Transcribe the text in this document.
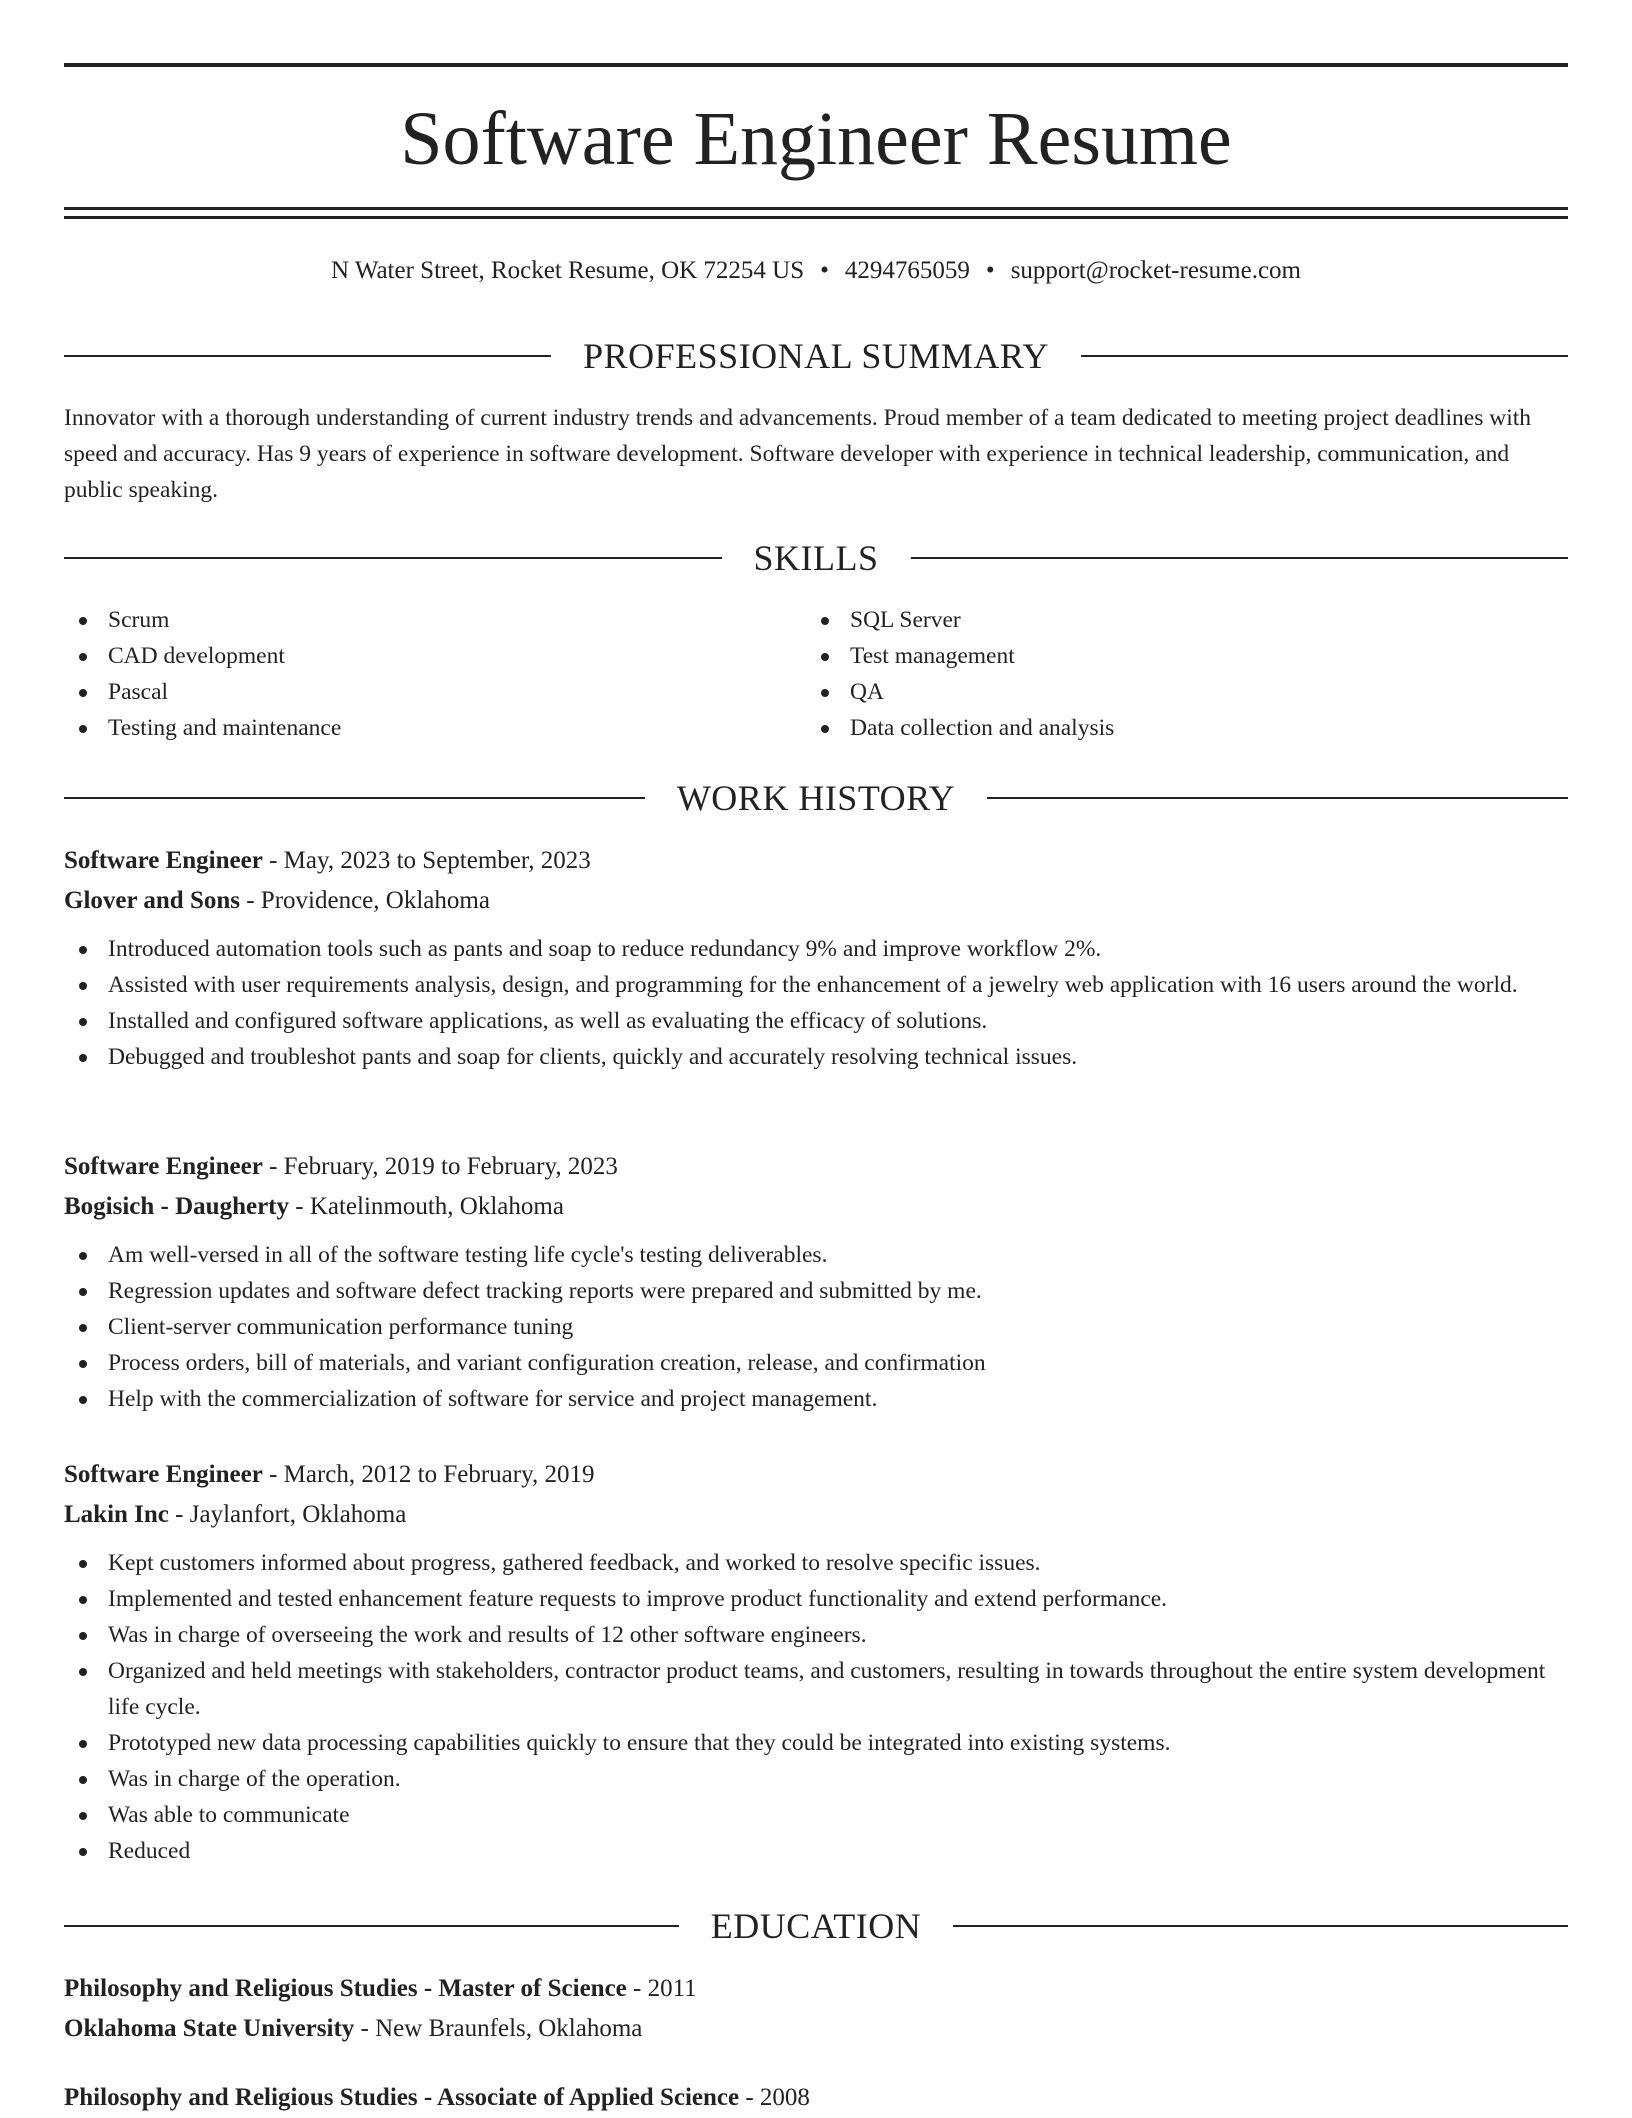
Software Engineer Resume
N Water Street, Rocket Resume, OK 72254 US • 4294765059 • support@rocket-resume.com
PROFESSIONAL SUMMARY

Innovator with a thorough understanding of current industry trends and advancements. Proud member of a team dedicated to meeting project deadlines with speed and accuracy. Has 9 years of experience in software development. Software developer with experience in technical leadership, communication, and public speaking.

SKILLS
Scrum
CAD development
Pascal
Testing and maintenance
SQL Server
Test management
QA
Data collection and analysis
WORK HISTORY
Software Engineer - May, 2023 to September, 2023
Glover and Sons - Providence, Oklahoma
Introduced automation tools such as pants and soap to reduce redundancy 9% and improve workflow 2%.
Assisted with user requirements analysis, design, and programming for the enhancement of a jewelry web application with 16 users around the world.
Installed and configured software applications, as well as evaluating the efficacy of solutions.
Debugged and troubleshot pants and soap for clients, quickly and accurately resolving technical issues.
Software Engineer - February, 2019 to February, 2023
Bogisich - Daugherty - Katelinmouth, Oklahoma
Am well-versed in all of the software testing life cycle's testing deliverables.
Regression updates and software defect tracking reports were prepared and submitted by me.
Client-server communication performance tuning
Process orders, bill of materials, and variant configuration creation, release, and confirmation
Help with the commercialization of software for service and project management.
Software Engineer - March, 2012 to February, 2019
Lakin Inc - Jaylanfort, Oklahoma
Kept customers informed about progress, gathered feedback, and worked to resolve specific issues.
Implemented and tested enhancement feature requests to improve product functionality and extend performance.
Was in charge of overseeing the work and results of 12 other software engineers.
Organized and held meetings with stakeholders, contractor product teams, and customers, resulting in towards throughout the entire system development life cycle.
Prototyped new data processing capabilities quickly to ensure that they could be integrated into existing systems.
Was in charge of the operation.
Was able to communicate
Reduced
EDUCATION
Philosophy and Religious Studies - Master of Science - 2011
Oklahoma State University - New Braunfels, Oklahoma
Philosophy and Religious Studies - Associate of Applied Science - 2008
